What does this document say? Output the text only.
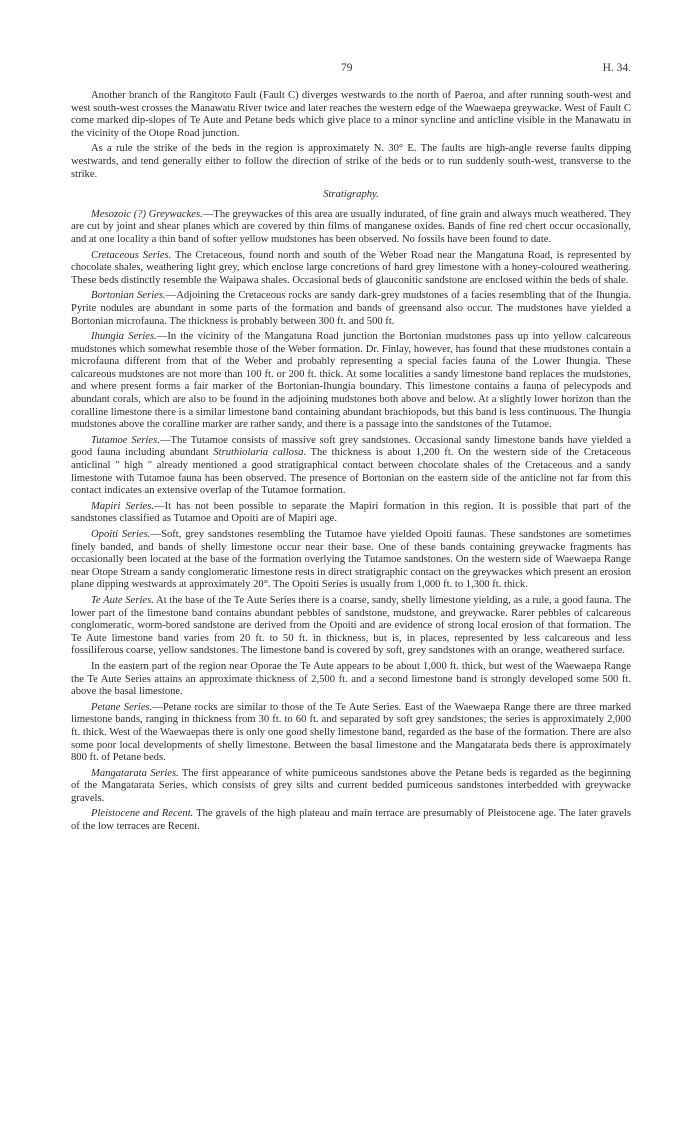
79	H. 34.

Another branch of the Rangitoto Fault (Fault C) diverges westwards to the north of Paeroa, and after running south-west and west south-west crosses the Manawatu River twice and later reaches the western edge of the Waewaepa greywacke. West of Fault C come marked dip-slopes of Te Aute and Petane beds which give place to a minor syncline and anticline visible in the Manawatu in the vicinity of the Otope Road junction.

As a rule the strike of the beds in the region is approximately N. 30° E. The faults are high-angle reverse faults dipping westwards, and tend generally either to follow the direction of strike of the beds or to run suddenly south-west, transverse to the strike.

Stratigraphy.

Mesozoic (?) Greywackes.—The greywackes of this area are usually indurated, of fine grain and always much weathered. They are cut by joint and shear planes which are covered by thin films of manganese oxides. Bands of fine red chert occur occasionally, and at one locality a thin band of softer yellow mudstones has been observed. No fossils have been found to date.

Cretaceous Series. The Cretaceous, found north and south of the Weber Road near the Mangatuna Road, is represented by chocolate shales, weathering light grey, which enclose large concretions of hard grey limestone with a honey-coloured weathering. These beds distinctly resemble the Waipawa shales. Occasional beds of glauconitic sandstone are enclosed within the beds of shale.

Bortonian Series.—Adjoining the Cretaceous rocks are sandy dark-grey mudstones of a facies resembling that of the Ihungia. Pyrite nodules are abundant in some parts of the formation and bands of greensand also occur. The mudstones have yielded a Bortonian microfauna. The thickness is probably between 300 ft. and 500 ft.

Ihungia Series.—In the vicinity of the Mangatuna Road junction the Bortonian mudstones pass up into yellow calcareous mudstones which somewhat resemble those of the Weber formation. Dr. Finlay, however, has found that these mudstones contain a microfauna different from that of the Weber and probably representing a special facies fauna of the Lower Ihungia. These calcareous mudstones are not more than 100 ft. or 200 ft. thick. At some localities a sandy limestone band replaces the mudstones, and where present forms a fair marker of the Bortonian-Ihungia boundary. This limestone contains a fauna of pelecypods and abundant corals, which are also to be found in the adjoining mudstones both above and below. At a slightly lower horizon than the coralline limestone there is a similar limestone band containing abundant brachiopods, but this band is less continuous. The Ihungia mudstones above the coralline marker are rather sandy, and there is a passage into the sandstones of the Tutamoe.

Tutamoe Series.—The Tutamoe consists of massive soft grey sandstones. Occasional sandy limestone bands have yielded a good fauna including abundant Struthiolaria callosa. The thickness is about 1,200 ft. On the western side of the Cretaceous anticlinal " high " already mentioned a good stratigraphical contact between chocolate shales of the Cretaceous and a sandy limestone with Tutamoe fauna has been observed. The presence of Bortonian on the eastern side of the anticline not far from this contact indicates an extensive overlap of the Tutamoe formation.

Mapiri Series.—It has not been possible to separate the Mapiri formation in this region. It is possible that part of the sandstones classified as Tutamoe and Opoiti are of Mapiri age.

Opoiti Series.—Soft, grey sandstones resembling the Tutamoe have yielded Opoiti faunas. These sandstones are sometimes finely banded, and bands of shelly limestone occur near their base. One of these bands containing greywacke fragments has occasionally been located at the base of the formation overlying the Tutamoe sandstones. On the western side of Waewaepa Range near Otope Stream a sandy conglomeratic limestone rests in direct stratigraphic contact on the greywackes which present an erosion plane dipping westwards at approximately 20°. The Opoiti Series is usually from 1,000 ft. to 1,300 ft. thick.

Te Aute Series. At the base of the Te Aute Series there is a coarse, sandy, shelly limestone yielding, as a rule, a good fauna. The lower part of the limestone band contains abundant pebbles of sandstone, mudstone, and greywacke. Rarer pebbles of calcareous conglomeratic, worm-bored sandstone are derived from the Opoiti and are evidence of strong local erosion of that formation. The Te Aute limestone band varies from 20 ft. to 50 ft. in thickness, but is, in places, represented by less calcareous and less fossiliferous coarse, yellow sandstones. The limestone band is covered by soft, grey sandstones with an orange, weathered surface.

In the eastern part of the region near Oporae the Te Aute appears to be about 1,000 ft. thick, but west of the Waewaepa Range the Te Aute Series attains an approximate thickness of 2,500 ft. and a second limestone band is strongly developed some 500 ft. above the basal limestone.

Petane Series.—Petane rocks are similar to those of the Te Aute Series. East of the Waewaepa Range there are three marked limestone bands, ranging in thickness from 30 ft. to 60 ft. and separated by soft grey sandstones; the series is approximately 2,000 ft. thick. West of the Waewaepas there is only one good shelly limestone band, regarded as the base of the formation. There are also some poor local developments of shelly limestone. Between the basal limestone and the Mangatarata beds there is approximately 800 ft. of Petane beds.

Mangatarata Series. The first appearance of white pumiceous sandstones above the Petane beds is regarded as the beginning of the Mangatarata Series, which consists of grey silts and current bedded pumiceous sandstones interbedded with greywacke gravels.

Pleistocene and Recent. The gravels of the high plateau and main terrace are presumably of Pleistocene age. The later gravels of the low terraces are Recent.
